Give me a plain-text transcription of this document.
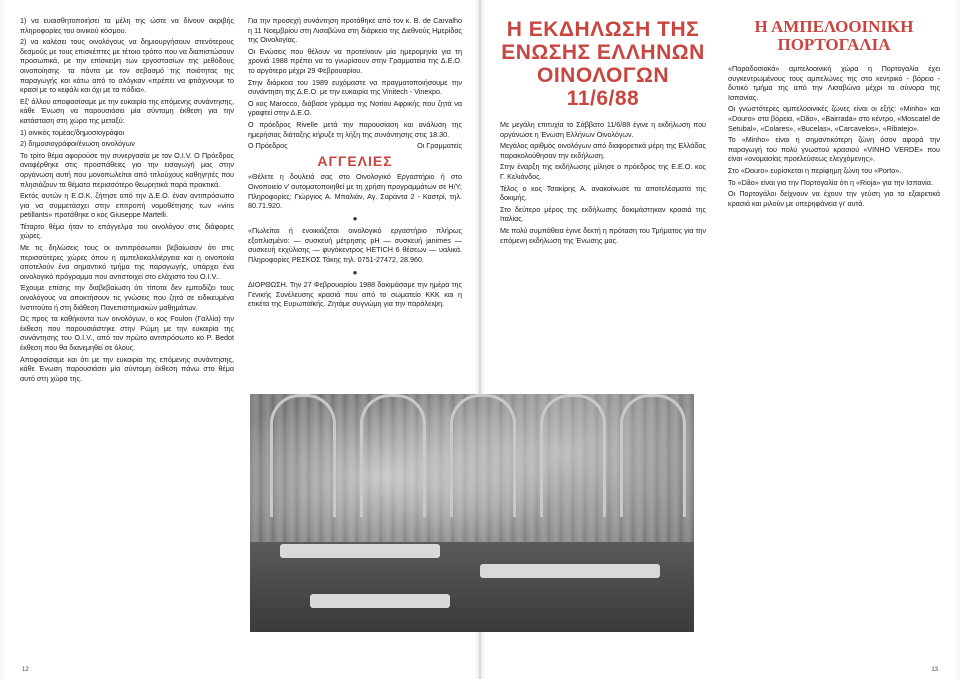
1) να ευαισθητοποιήσει τα μέλη της ώστε να δίνουν ακριβής πληροφορίες του οινικού κόσμου.

2) να καλέσει τους οινολόγους να δημιουργήσουν στενότερους δεσμούς με τους επισκέπτες με τέτοιο τρόπο που να διαπιστώσουν προσωπικά, με την επίσκεψη των εργοστασίων της μεθόδους οινοποίησης· τα πάντα με τον σεβασμό της ποιότητας της παραγωγής και κάτω από το σλόγκαν «πρέπει να φτιάχνουμε το κρασί με το κεφάλι και όχι με τα πόδια».

Εξ' άλλου αποφασίσαμε με την ευκαιρία της επόμενης συνάντησης, κάθε Ένωση να παρουσιάσει μία σύντομη έκθεση για την κατάσταση στη χώρα της μεταξύ:

1) οινικός τομέας/δημοσιογράφοι

2) δημοσιογράφοι/ένωση οινολόγων

Το τρίτο θέμα αφορούσε την συνεργασία με τον Ο.Ι.V. Ο Πρόεδρος αναφέρθηκε στις προσπάθειες για την εισαγωγή μας στην οργάνωση αυτή που μονοπωλείται από τιτλούχους καθηγητές που πλησιάζουν τα θέματα περισσότερο θεωρητικά παρά πρακτικά.

Εκτός αυτών η Ε.Ο.Κ. ζήτησε από την Δ.Ε.Ο. έναν αντιπρόσωπο για να συμμετάσχει στην επιτροπή νομοθέτησης των «vins petillants» προτάθηκε ο κος Giuseppe Martelli.

Τέταρτο θέμα ήταν το επάγγελμα του οινολόγου στις διάφορες χώρες.

Με τις δηλώσεις τους οι αντιπρόσωποι βεβαίωσαν ότι στις περισσότερες χώρες όπου η αμπελοκαλλιέργεια και η οινοποιία αποτελούν ένα σημαντικό τμήμα της παραγωγής, υπάρχει ένα οινολογικό πρόγραμμα που αντιστοιχεί στο ελάχιστο του Ο.Ι.V..

Έχουμε επίσης την διαβεβαίωση ότι τίποτα δεν εμποδίζει τους οινολόγους να αποκτήσουν τις γνώσεις που ζητά σε ειδικευμένα Ινστιτούτα ή στη διάθεση Πανεπιστημιακών μαθημάτων.

Ως προς τα καθήκοντα των οινολόγων, ο κος Foulon (Γαλλία) την έκθεση που παρουσιάστηκε στην Ρώμη με την ευκαιρία της συνάντησης του Ο.Ι.V., από τον πρώτο αντιπρόσωπο κο P. Bedot έκθεση που θα διανεμηθεί σε όλους.

Αποφασίσαμε και ότι με την ευκαιρία της επόμενης συνάντησης, κάθε Ένωση παρουσιάσει μία σύντομη έκθεση πάνω στο θέμα αυτό στη χώρα της.

12

Για την προσεχή συνάντηση προτάθηκε από τον κ. B. de Carvalho η 11 Νοεμβρίου στη Λισαβώνα στη διάρκεια της Διεθνούς Ημερίδας της Οινολογίας.

Οι Ενώσεις που θέλουν να προτείνουν μία ημερομηνία για τη χρονιά 1988 πρέπει να το γνωρίσουν στην Γραμματεία της Δ.Ε.Ο. το αργότερο μέχρι 29 Φεβρουαρίου.

Στην διάρκεια του 1989 ευχόμαστε να πραγματοποιήσουμε την συνάντηση της Δ.Ε.Ο. με την ευκαιρία της Vinitech - Vinexpo.

Ο κος Marocco, διάβασε γράμμα της Νοτίου Αφρικής που ζητά να γραφτεί στην Δ.Ε.Ο.

Ο πρόεδρος Rivelle μετά την παρουσίαση και ανάλυση της ημερήσιας διάταξης κήρυξε τη λήξη της συνάντησης στις 18.30.

Ο Πρόεδρος	Οι Γραμματείς
ΑΓΓΕΛΙΕΣ

«Θέλετε η δουλειά σας στο Οινολογικό Εργαστήριο ή στο Οινοποιείο ν' αυτοματοποιηθεί με τη χρήση προγραμμάτων σε Η/Υ; Πληροφορίες: Γιώργιος Α. Μπαλιάν, Αγ. Σαράντα 2 - Καστρί, τηλ. 80.71.920.

●

«Πωλείται ή ενοικιάζεται οινολογικό εργαστήριο πλήρως εξοπλισμένο: — συσκευή μέτρησης pH — συσκευή janimes — συσκευή εκχύλισης — φυγόκεντρος HETICH 6 θέσεων — υαλικά. Πληροφορίες ΡΕΣΚΟΣ Τάκης τηλ. 0751-27472, 28.960.

●

ΔΙΟΡΘΩΣΗ. Την 27 Φεβρουαρίου 1988 δοκιμάσαμε την ημέρα της Γενικής Συνέλευσης κρασιά που από το σωματείο ΚΚΚ και η ετικέτα της Ευρωπαϊκής. Ζητάμε συγνώμη για την παράλειψη.

Η ΕΚΔΗΛΩΣΗ ΤΗΣ ΕΝΩΣΗΣ ΕΛΛΗΝΩΝ ΟΙΝΟΛΟΓΩΝ 11/6/88

Με μεγάλη επιτυχία το Σάββατο 11/6/88 έγινε η εκδήλωση που οργάνωσε η Ένωση Ελλήνων Οινολόγων.

Μεγάλος αριθμός οινολόγων από διαφορετικά μέρη της Ελλάδας παρακολούθησαν την εκδήλωση.

Στην έναρξη της εκδήλωσης μίλησε ο πρόεδρος της Ε.Ε.Ο. κος Γ. Κελιάνδος.

Τέλος ο κος Τσακίρης Α. ανακοίνωσε τα αποτελέσματα της δοκιμής.

Στο δεύτερο μέρος της εκδήλωσης δοκιμάστηκαν κρασιά της Ιταλίας.

Με πολύ συμπάθεια έγινε δεκτή η πρόταση του Τμήματος για την επόμενη εκδήλωση της Ένωσης μας.

Η ΑΜΠΕΛΟΟΙΝΙΚΗ ΠΟΡΤΟΓΑΛΙΑ

«Παραδοσιακά» αμπελοοινική χώρα η Πορτογαλία έχει συγκεντρωμένους τους αμπελώνες της στο κεντρικό - βόρειο - δυτικό τμήμα της από την Λισαβώνα μέχρι τα σύνορα της Ισπανίας.

Οι γνωστότερες αμπελοοινικές ζώνες είναι οι εξής: «Minho» και «Douro» στα βόρεια, «Dão», «Bairrada» στο κέντρο, «Moscatel de Setubal», «Colares», «Bucelas», «Carcavelos», «Ribatejo».

Το «Minho» είναι η σημαντικότερη ζώνη όσον αφορά την παραγωγή του πολύ γνωστού κρασιού «VINHO VERDE» που είναι «ονομασίας προελεύσεως ελεγχόμενης».

Στο «Douro» ευρίσκεται η περίφημη ζώνη του «Porto».

Το «Dão» είναι για την Πορτογαλία ότι η «Rioja» για την Ισπανία.

Οι Πορτογάλοι δείχνουν να έχουν την γεύση για τα εξαιρετικά κρασιά και μιλούν με υπερηφάνεια γι' αυτά.

13
